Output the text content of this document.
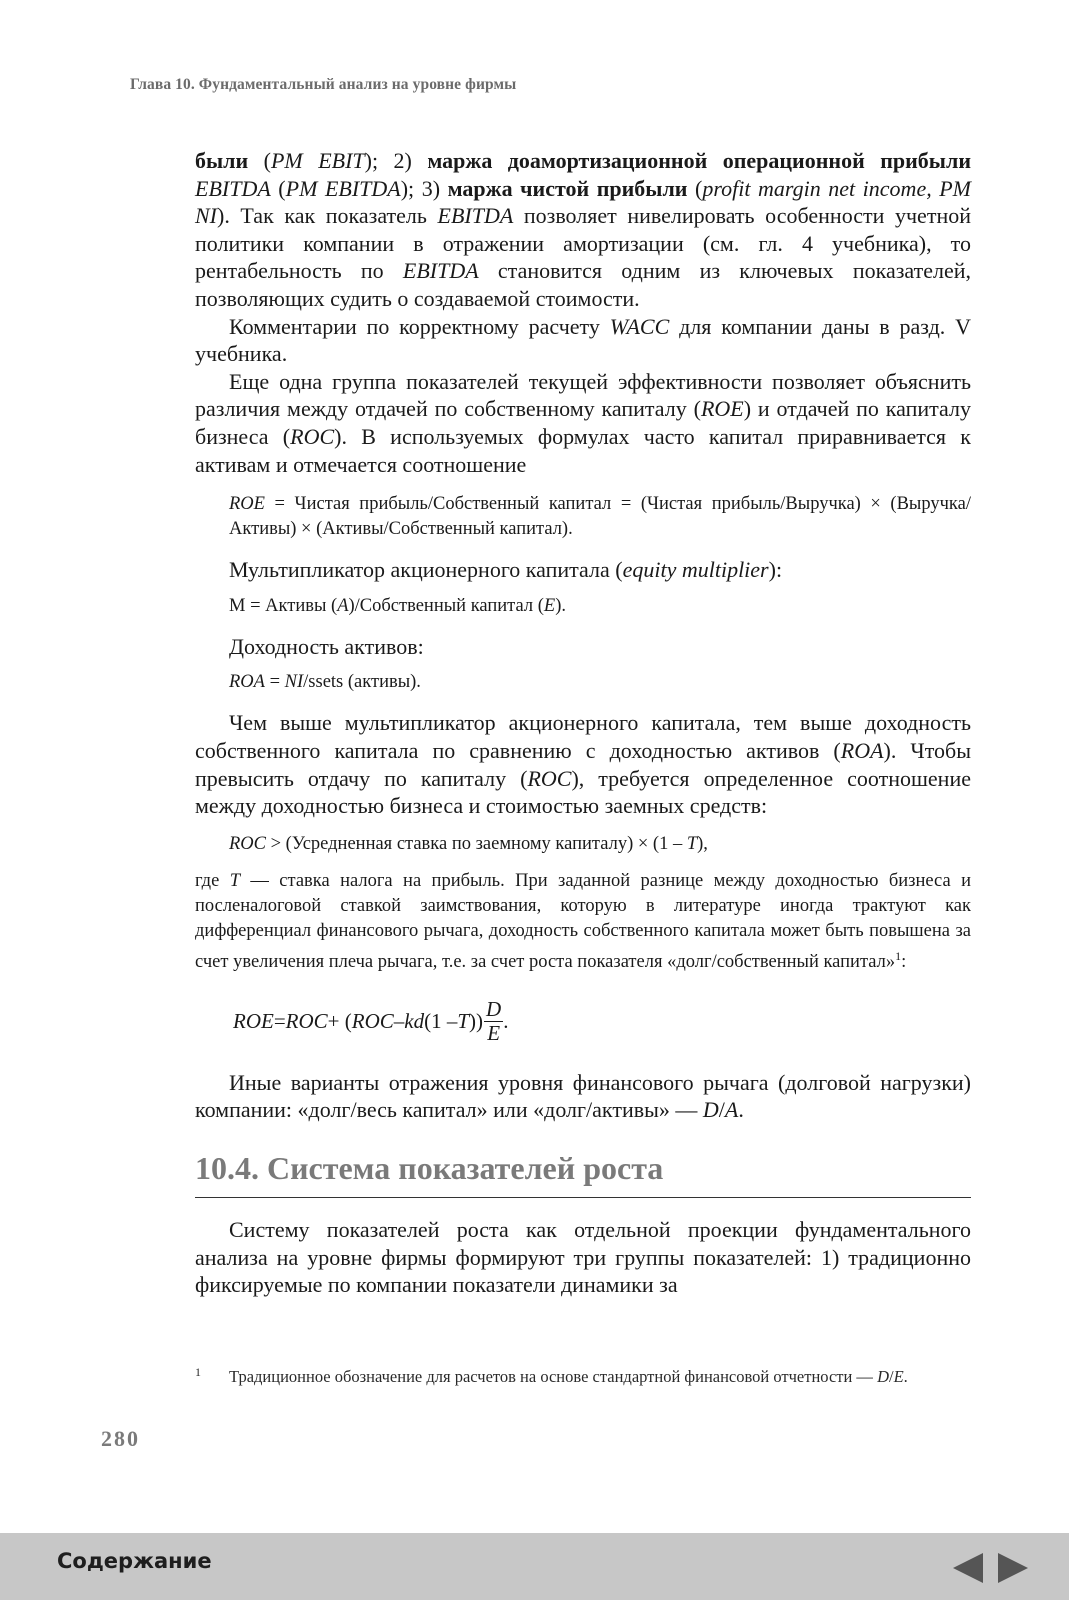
Глава 10. Фундаментальный анализ на уровне фирмы

были (PM EBIT); 2) маржа доамортизационной операционной прибыли EBITDA (PM EBITDA); 3) маржа чистой прибыли (profit margin net income, PM NI). Так как показатель EBITDA позволяет нивелировать особенности учетной политики компании в отражении амортизации (см. гл. 4 учебника), то рентабельность по EBITDA становится одним из ключевых показателей, позволяющих судить о создаваемой стоимости.

Комментарии по корректному расчету WACC для компании даны в разд. V учебника.

Еще одна группа показателей текущей эффективности позволяет объяснить различия между отдачей по собственному капиталу (ROE) и отдачей по капиталу бизнеса (ROC). В используемых формулах часто капитал приравнивается к активам и отмечается соотношение

ROE = Чистая прибыль/Собственный капитал = (Чистая прибыль/Выручка) × (Выручка/Активы) × (Активы/Собственный капитал).

Мультипликатор акционерного капитала (equity multiplier):

M = Активы (A)/Собственный капитал (E).

Доходность активов:

ROA = NI/ssets (активы).

Чем выше мультипликатор акционерного капитала, тем выше доходность собственного капитала по сравнению с доходностью активов (ROA). Чтобы превысить отдачу по капиталу (ROC), требуется определенное соотношение между доходностью бизнеса и стоимостью заемных средств:

ROC > (Усредненная ставка по заемному капиталу) × (1 – T),
где T — ставка налога на прибыль. При заданной разнице между доходностью бизнеса и посленалоговой ставкой заимствования, которую в литературе иногда трактуют как дифференциал финансового рычага, доходность собственного капитала может быть повышена за счет увеличения плеча рычага, т.е. за счет роста показателя «долг/собственный капитал»$^1$:
ROE = ROC + ( ROC – kd (1 – T )) $\frac{D}{E}$ .

Иные варианты отражения уровня финансового рычага (долговой нагрузки) компании: «долг/весь капитал» или «долг/активы» — D/A.

10.4. Система показателей роста

Систему показателей роста как отдельной проекции фундаментального анализа на уровне фирмы формируют три группы показателей: 1) традиционно фиксируемые по компании показатели динамики за

1 Традиционное обозначение для расчетов на основе стандартной финансовой отчетности — D/E.
280
Содержание
